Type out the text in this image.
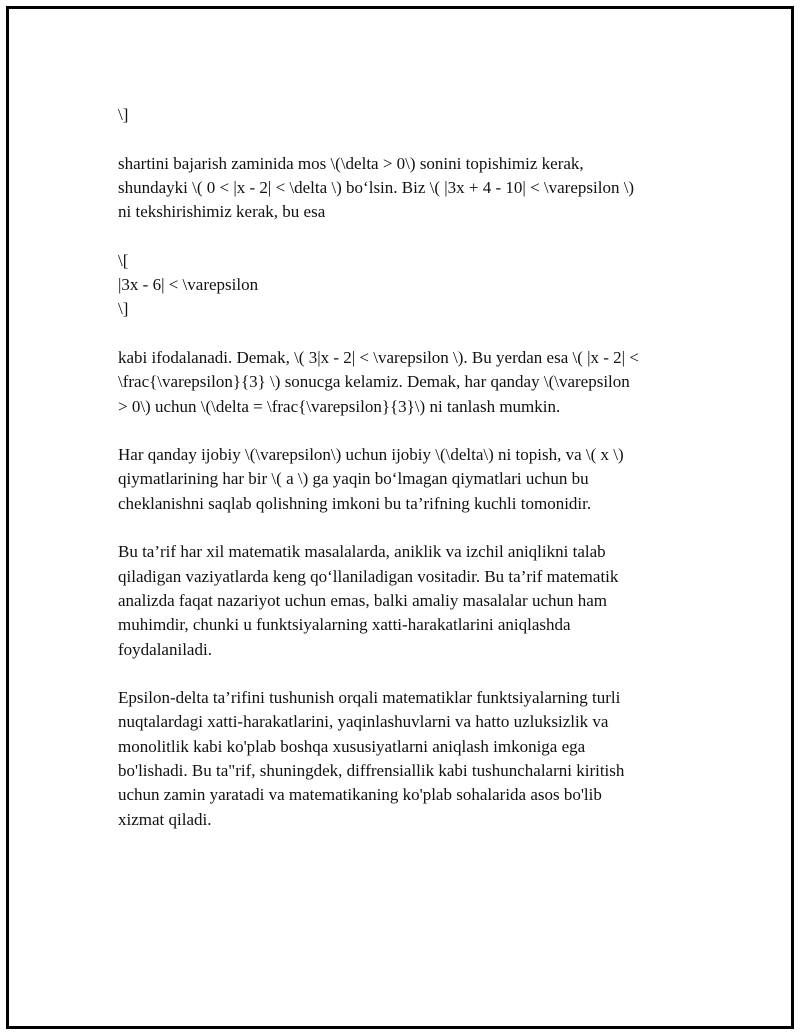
\]
shartini bajarish zaminida mos \(\delta > 0\) sonini topishimiz kerak,
shundayki \( 0 < |x - 2| < \delta \) bo‘lsin. Biz \( |3x + 4 - 10| < \varepsilon \)
ni tekshirishimiz kerak, bu esa
\[
|3x - 6| < \varepsilon
\]
kabi ifodalanadi. Demak, \( 3|x - 2| < \varepsilon \). Bu yerdan esa \( |x - 2| <
\frac{\varepsilon}{3} \) sonucga kelamiz. Demak, har qanday \(\varepsilon
> 0\) uchun \(\delta = \frac{\varepsilon}{3}\) ni tanlash mumkin.
Har qanday ijobiy \(\varepsilon\) uchun ijobiy \(\delta\) ni topish, va \( x \)
qiymatlarining har bir \( a \) ga yaqin bo‘lmagan qiymatlari uchun bu
cheklanishni saqlab qolishning imkoni bu ta’rifning kuchli tomonidir.
Bu ta’rif har xil matematik masalalarda, aniklik va izchil aniqlikni talab
qiladigan vaziyatlarda keng qo‘llaniladigan vositadir. Bu ta’rif matematik
analizda faqat nazariyot uchun emas, balki amaliy masalalar uchun ham
muhimdir, chunki u funktsiyalarning xatti-harakatlarini aniqlashda
foydalaniladi.
Epsilon-delta ta’rifini tushunish orqali matematiklar funktsiyalarning turli
nuqtalardagi xatti-harakatlarini, yaqinlashuvlarni va hatto uzluksizlik va
monolitlik kabi ko'plab boshqa xususiyatlarni aniqlash imkoniga ega
bo'lishadi. Bu ta"rif, shuningdek, diffrensiallik kabi tushunchalarni kiritish
uchun zamin yaratadi va matematikaning ko'plab sohalarida asos bo'lib
xizmat qiladi.
